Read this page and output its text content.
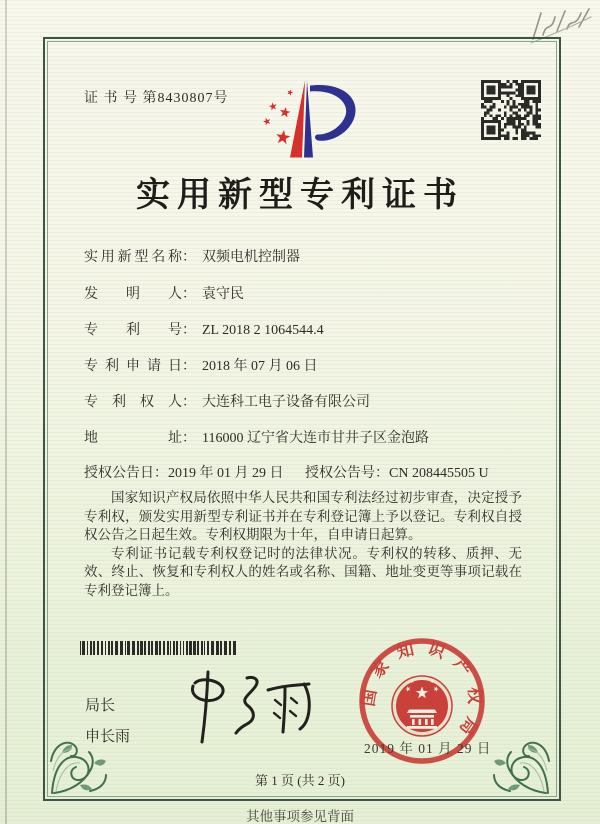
证 书 号 第8430807号
实用新型专利证书
实用新型名称： 双频电机控制器
发明人： 袁守民
专利号： ZL 2018 2 1064544.4
专利申请日： 2018 年 07 月 06 日
专利权人： 大连科工电子设备有限公司
地址： 116000 辽宁省大连市甘井子区金泡路
授权公告日：2019 年 01 月 29 日 授权公告号：CN 208445505 U

国家知识产权局依照中华人民共和国专利法经过初步审查，决定授予专利权，颁发实用新型专利证书并在专利登记簿上予以登记。专利权自授权公告之日起生效。专利权期限为十年，自申请日起算。

专利证书记载专利权登记时的法律状况。专利权的转移、质押、无效、终止、恢复和专利权人的姓名或名称、国籍、地址变更等事项记载在专利登记簿上。

局长
申长雨
国家知识产权局
2019 年 01 月 29 日
第 1 页 (共 2 页)
其他事项参见背面
